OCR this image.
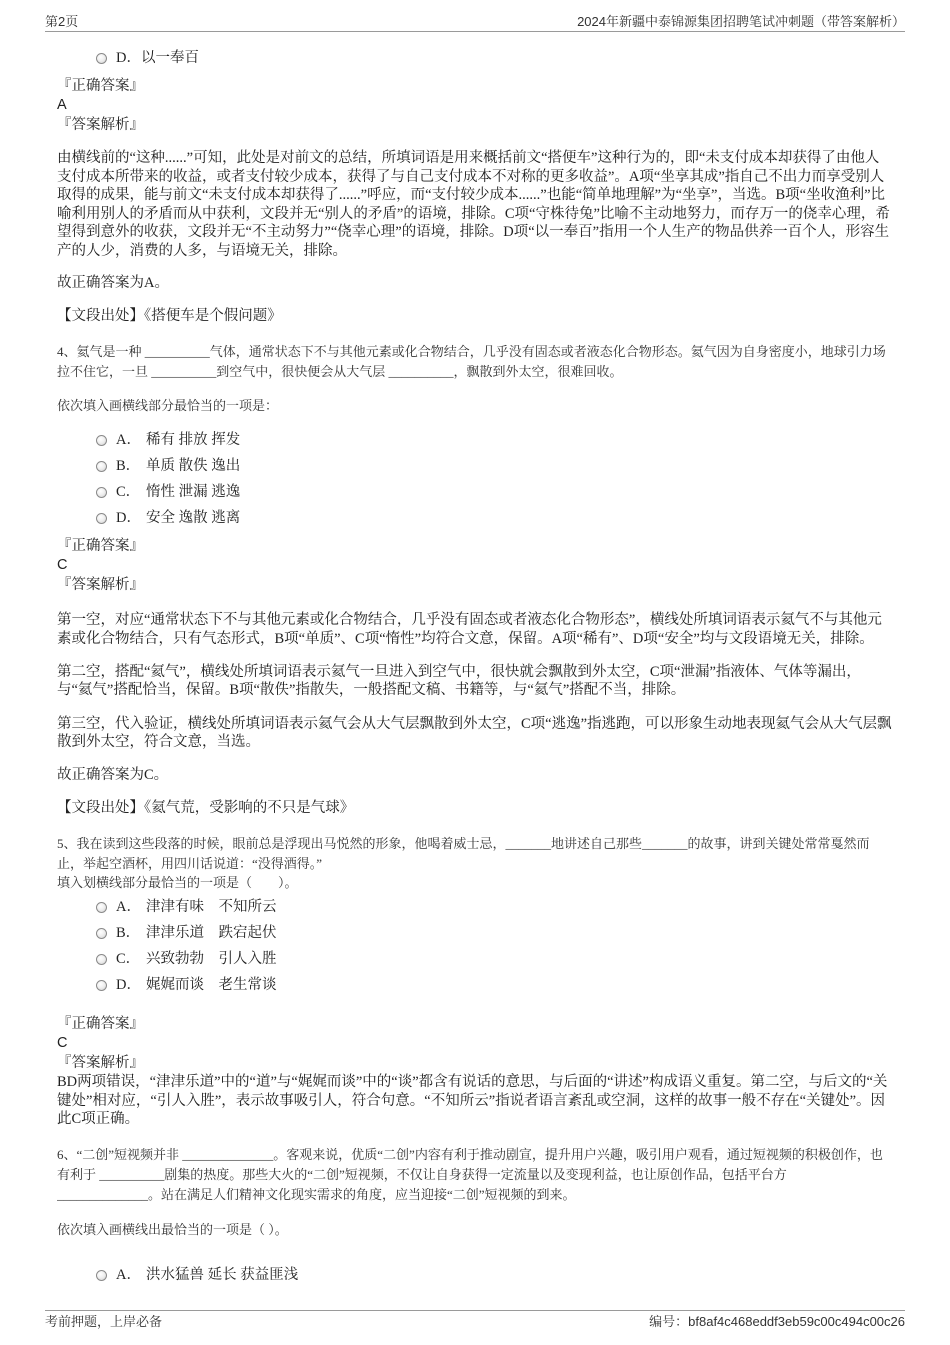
第2页	2024年新疆中泰锦源集团招聘笔试冲刺题（带答案解析）
D．以一奉百
『正确答案』
A
『答案解析』

由横线前的“这种......”可知，此处是对前文的总结，所填词语是用来概括前文“搭便车”这种行为的，即“未支付成本却获得了由他人支付成本所带来的收益，或者支付较少成本，获得了与自己支付成本不对称的更多收益”。A项“坐享其成”指自己不出力而享受别人取得的成果，能与前文“未支付成本却获得了......”呼应，而“支付较少成本......”也能“简单地理解”为“坐享”，当选。B项“坐收渔利”比喻利用别人的矛盾而从中获利，文段并无“别人的矛盾”的语境，排除。C项“守株待兔”比喻不主动地努力，而存万一的侥幸心理，希望得到意外的收获，文段并无“不主动努力”“侥幸心理”的语境，排除。D项“以一奉百”指用一个人生产的物品供养一百个人，形容生产的人少，消费的人多，与语境无关，排除。

故正确答案为A。
【文段出处】《搭便车是个假问题》

4、氦气是一种 __________气体，通常状态下不与其他元素或化合物结合，几乎没有固态或者液态化合物形态。氦气因为自身密度小，地球引力场拉不住它，一旦 __________到空气中，很快便会从大气层 __________，飘散到外太空，很难回收。

依次填入画横线部分最恰当的一项是：

A． 稀有 排放 挥发
B． 单质 散佚 逸出
C． 惰性 泄漏 逃逸
D． 安全 逸散 逃离
『正确答案』
C
『答案解析』

第一空，对应“通常状态下不与其他元素或化合物结合，几乎没有固态或者液态化合物形态”，横线处所填词语表示氦气不与其他元素或化合物结合，只有气态形式，B项“单质”、C项“惰性”均符合文意，保留。A项“稀有”、D项“安全”均与文段语境无关，排除。

第二空，搭配“氦气”，横线处所填词语表示氦气一旦进入到空气中，很快就会飘散到外太空，C项“泄漏”指液体、气体等漏出，与“氦气”搭配恰当，保留。B项“散佚”指散失，一般搭配文稿、书籍等，与“氦气”搭配不当，排除。

第三空，代入验证，横线处所填词语表示氦气会从大气层飘散到外太空，C项“逃逸”指逃跑，可以形象生动地表现氦气会从大气层飘散到外太空，符合文意，当选。

故正确答案为C。
【文段出处】《氦气荒，受影响的不只是气球》

5、我在读到这些段落的时候，眼前总是浮现出马悦然的形象，他喝着威士忌，_______地讲述自己那些_______的故事，讲到关键处常常戛然而止，举起空酒杯，用四川话说道：“没得酒得。”

填入划横线部分最恰当的一项是（　　）。

A． 津津有味　不知所云
B． 津津乐道　跌宕起伏
C． 兴致勃勃　引人入胜
D． 娓娓而谈　老生常谈
『正确答案』
C
『答案解析』

BD两项错误，“津津乐道”中的“道”与“娓娓而谈”中的“谈”都含有说话的意思，与后面的“讲述”构成语义重复。第二空，与后文的“关键处”相对应，“引人入胜”，表示故事吸引人，符合句意。“不知所云”指说者语言紊乱或空洞，这样的故事一般不存在“关键处”。因此C项正确。

6、“二创”短视频并非 ______________。客观来说，优质“二创”内容有利于推动剧宣，提升用户兴趣，吸引用户观看，通过短视频的积极创作，也有利于 __________剧集的热度。那些大火的“二创”短视频，不仅让自身获得一定流量以及变现利益，也让原创作品，包括平台方 ______________。站在满足人们精神文化现实需求的角度，应当迎接“二创”短视频的到来。

依次填入画横线出最恰当的一项是（ ）。

A． 洪水猛兽 延长 获益匪浅
考前押题，上岸必备	编号：bf8af4c468eddf3eb59c00c494c00c26
